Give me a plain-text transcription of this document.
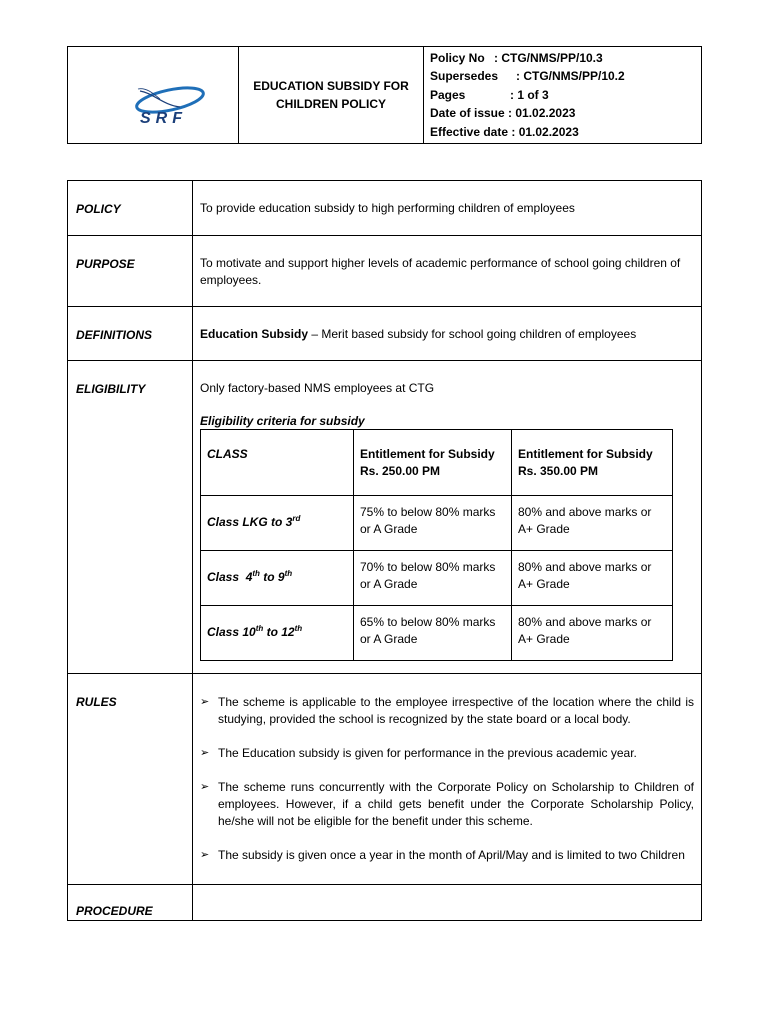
SRF

EDUCATION SUBSIDY FOR CHILDREN POLICY

Policy No : CTG/NMS/PP/10.3
Supersedes : CTG/NMS/PP/10.2
Pages	: 1 of 3
Date of issue : 01.02.2023
Effective date : 01.02.2023
POLICY	To provide education subsidy to high performing children of employees
PURPOSE	To motivate and support higher levels of academic performance of school going children of employees.
DEFINITIONS	Education Subsidy – Merit based subsidy for school going children of employees
ELIGIBILITY	Only factory-based NMS employees at CTG
Eligibility criteria for subsidy
CLASS	Entitlement for Subsidy Rs. 250.00 PM	Entitlement for Subsidy Rs. 350.00 PM
Class LKG to 3rd	75% to below 80% marks or A Grade	80% and above marks or A+ Grade
Class  4th to 9th	70% to below 80% marks or A Grade	80% and above marks or A+ Grade
Class 10th to 12th	65% to below 80% marks or A Grade	80% and above marks or A+ Grade

RULES	➢ The scheme is applicable to the employee irrespective of the location where the child is studying, provided the school is recognized by the state board or a local body.
➢ The Education subsidy is given for performance in the previous academic year.
➢ The scheme runs concurrently with the Corporate Policy on Scholarship to Children of employees. However, if a child gets benefit under the Corporate Scholarship Policy, he/she will not be eligible for the benefit under this scheme.
➢ The subsidy is given once a year in the month of April/May and is limited to two Children

PROCEDURE	
